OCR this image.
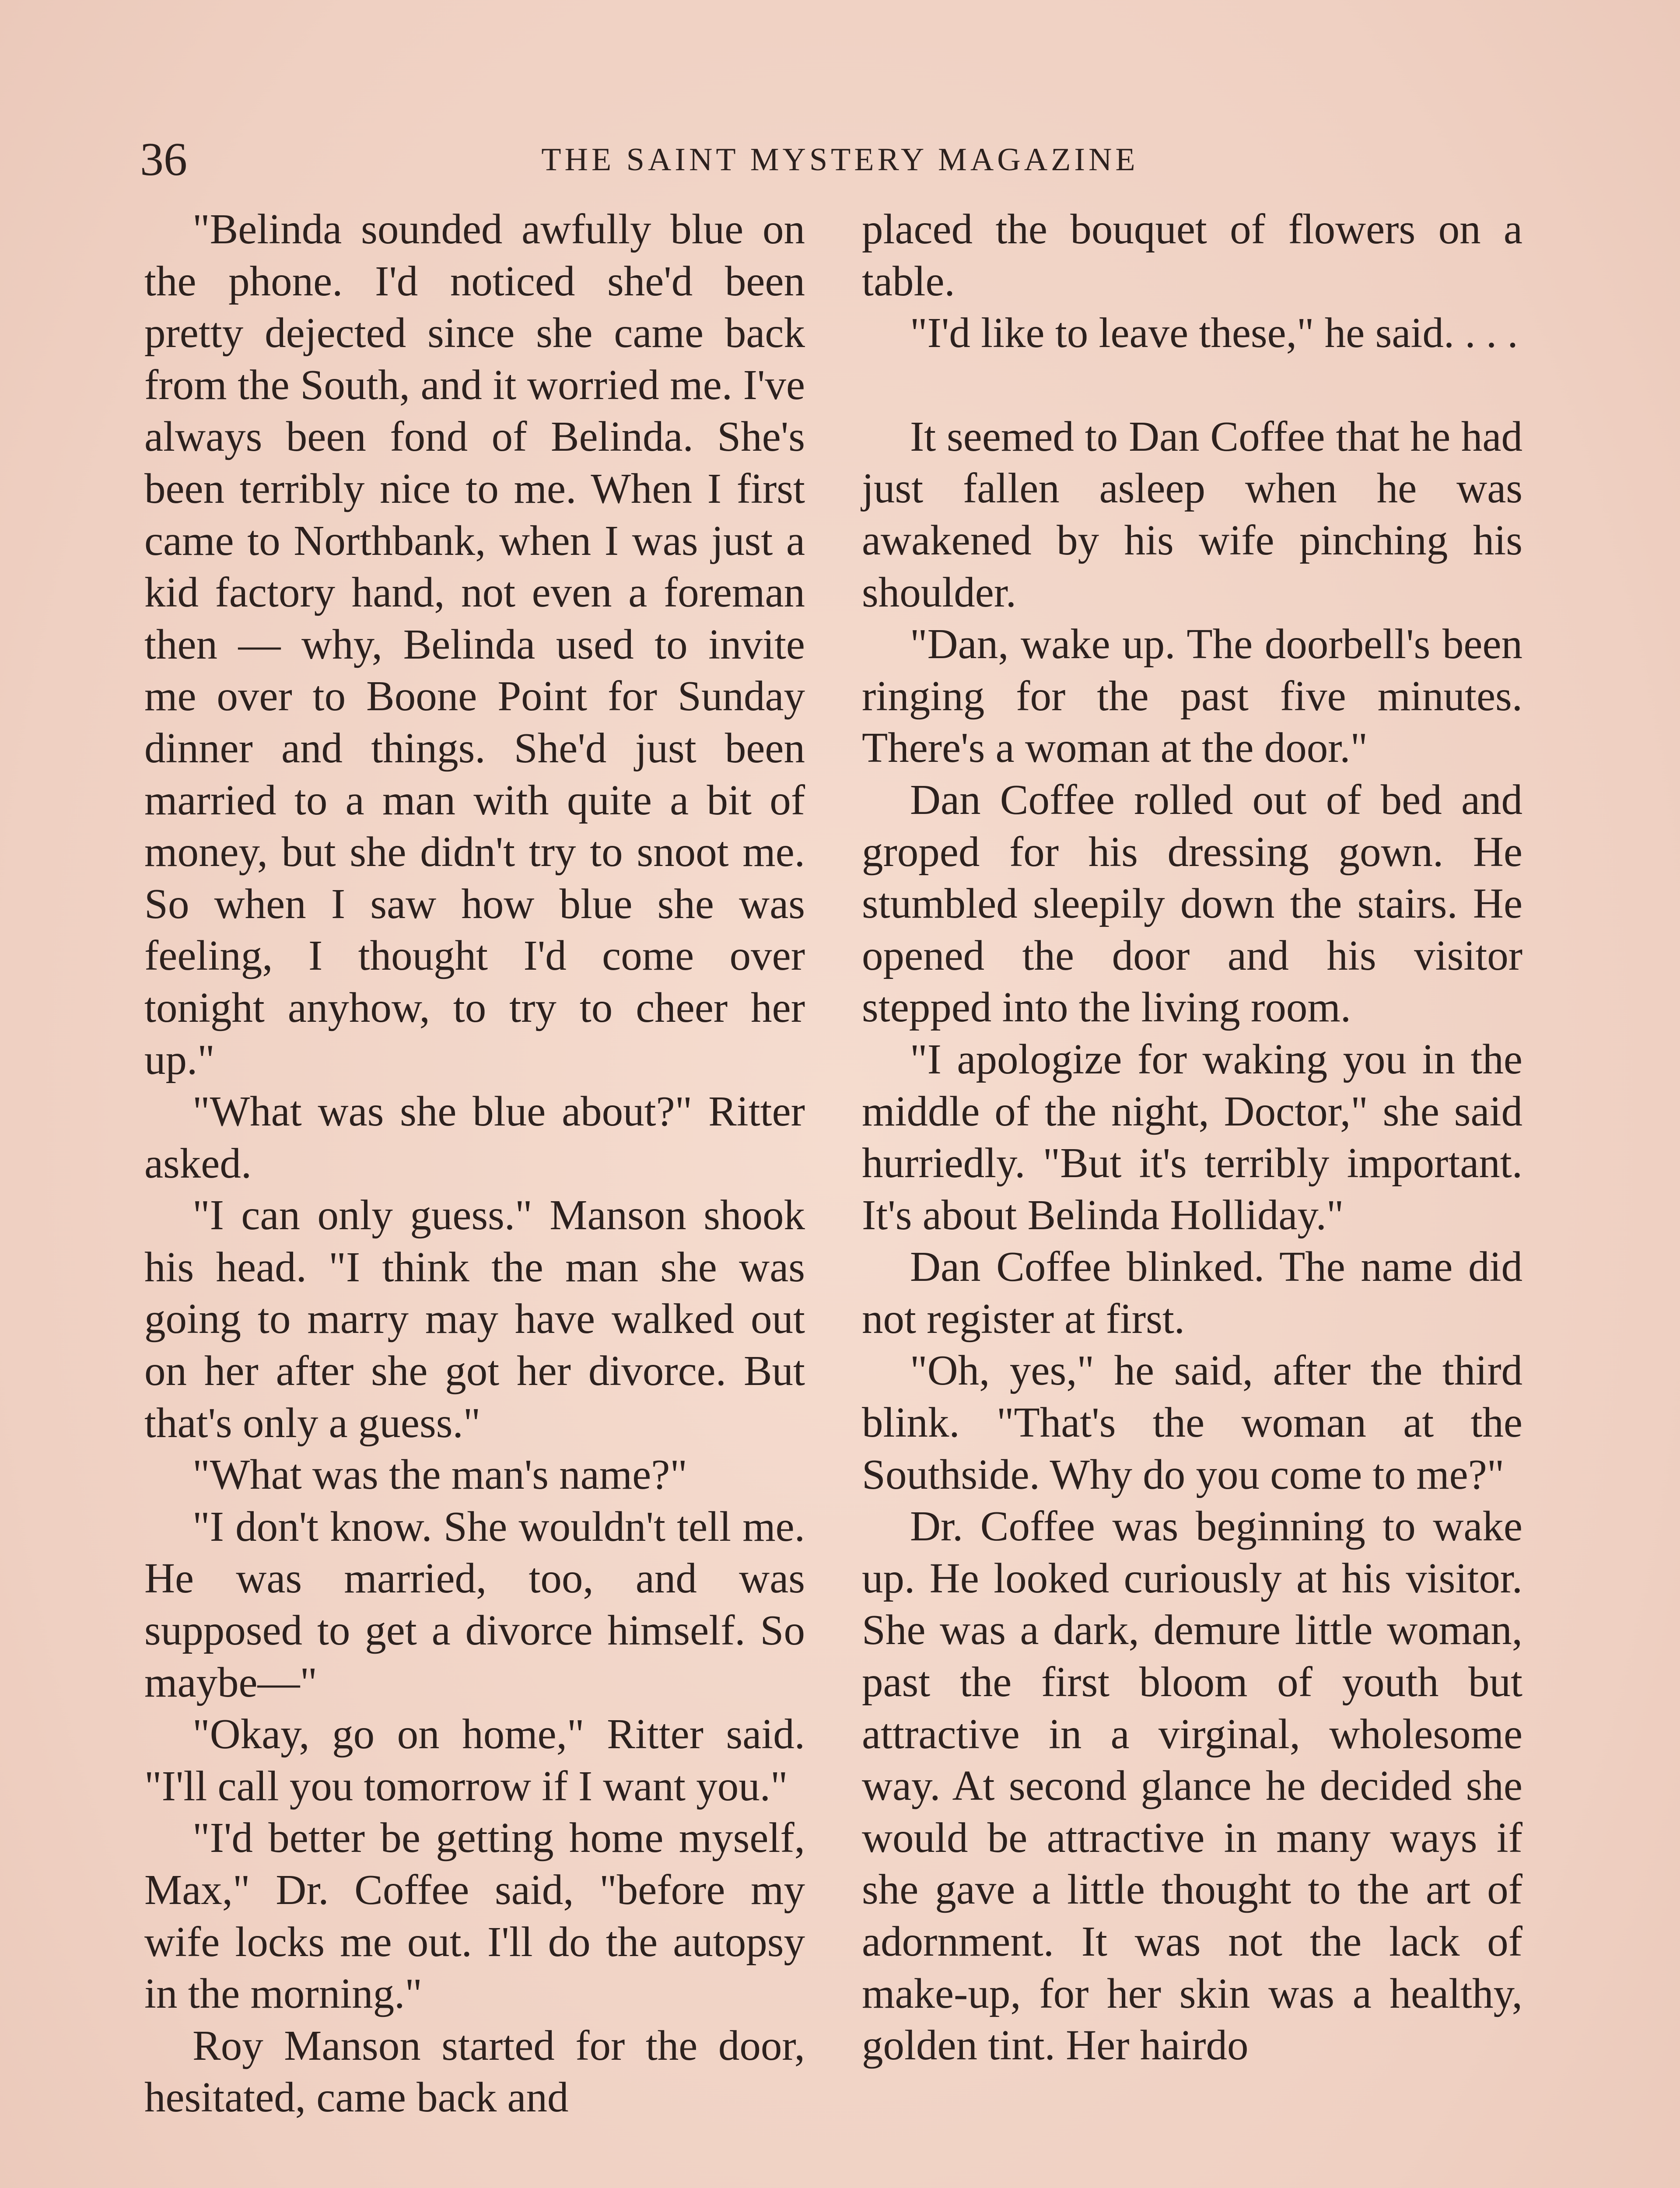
36	THE SAINT MYSTERY MAGAZINE

"Belinda sounded awfully blue on the phone. I'd noticed she'd been pretty dejected since she came back from the South, and it worried me. I've always been fond of Belinda. She's been terribly nice to me. When I first came to Northbank, when I was just a kid factory hand, not even a foreman then — why, Belinda used to invite me over to Boone Point for Sunday dinner and things. She'd just been married to a man with quite a bit of money, but she didn't try to snoot me. So when I saw how blue she was feeling, I thought I'd come over tonight anyhow, to try to cheer her up."

"What was she blue about?" Ritter asked.

"I can only guess." Manson shook his head. "I think the man she was going to marry may have walked out on her after she got her divorce. But that's only a guess."

"What was the man's name?"

"I don't know. She wouldn't tell me. He was married, too, and was supposed to get a divorce himself. So maybe—"

"Okay, go on home," Ritter said. "I'll call you tomorrow if I want you."

"I'd better be getting home myself, Max," Dr. Coffee said, "before my wife locks me out. I'll do the autopsy in the morning."

Roy Manson started for the door, hesitated, came back and

placed the bouquet of flowers on a table.

"I'd like to leave these," he said. . . .

It seemed to Dan Coffee that he had just fallen asleep when he was awakened by his wife pinching his shoulder.

"Dan, wake up. The doorbell's been ringing for the past five minutes. There's a woman at the door."

Dan Coffee rolled out of bed and groped for his dressing gown. He stumbled sleepily down the stairs. He opened the door and his visitor stepped into the living room.

"I apologize for waking you in the middle of the night, Doctor," she said hurriedly. "But it's terribly important. It's about Belinda Holliday."

Dan Coffee blinked. The name did not register at first.

"Oh, yes," he said, after the third blink. "That's the woman at the Southside. Why do you come to me?"

Dr. Coffee was beginning to wake up. He looked curiously at his visitor. She was a dark, demure little woman, past the first bloom of youth but attractive in a virginal, wholesome way. At second glance he decided she would be attractive in many ways if she gave a little thought to the art of adornment. It was not the lack of make-up, for her skin was a healthy, golden tint. Her hairdo
